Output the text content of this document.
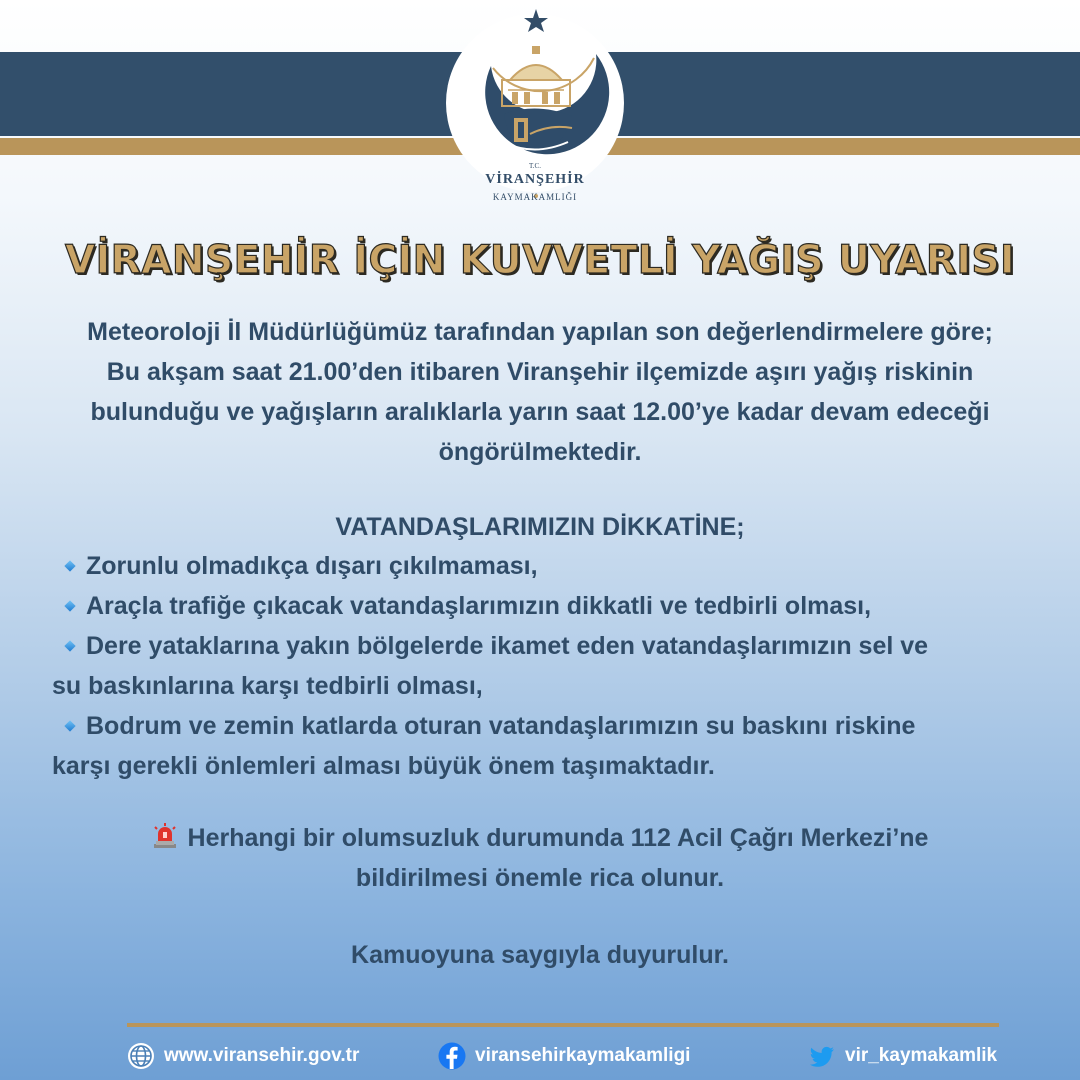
T.C.
VİRANŞEHİR
KAYMAKAMLIĞI
VİRANŞEHİR İÇİN KUVVETLİ YAĞIŞ UYARISI
Meteoroloji İl Müdürlüğümüz tarafından yapılan son değerlendirmelere göre;
Bu akşam saat 21.00’den itibaren Viranşehir ilçemizde aşırı yağış riskinin
bulunduğu ve yağışların aralıklarla yarın saat 12.00’ye kadar devam edeceği
öngörülmektedir.
VATANDAŞLARIMIZIN DİKKATİNE;
Zorunlu olmadıkça dışarı çıkılmaması,
Araçla trafiğe çıkacak vatandaşlarımızın dikkatli ve tedbirli olması,
Dere yataklarına yakın bölgelerde ikamet eden vatandaşlarımızın sel ve
su baskınlarına karşı tedbirli olması,
Bodrum ve zemin katlarda oturan vatandaşlarımızın su baskını riskine
karşı gerekli önlemleri alması büyük önem taşımaktadır.
Herhangi bir olumsuzluk durumunda 112 Acil Çağrı Merkezi’ne
bildirilmesi önemle rica olunur.
Kamuoyuna saygıyla duyurulur.
www.viransehir.gov.tr	viransehirkaymakamligi	vir_kaymakamlik
